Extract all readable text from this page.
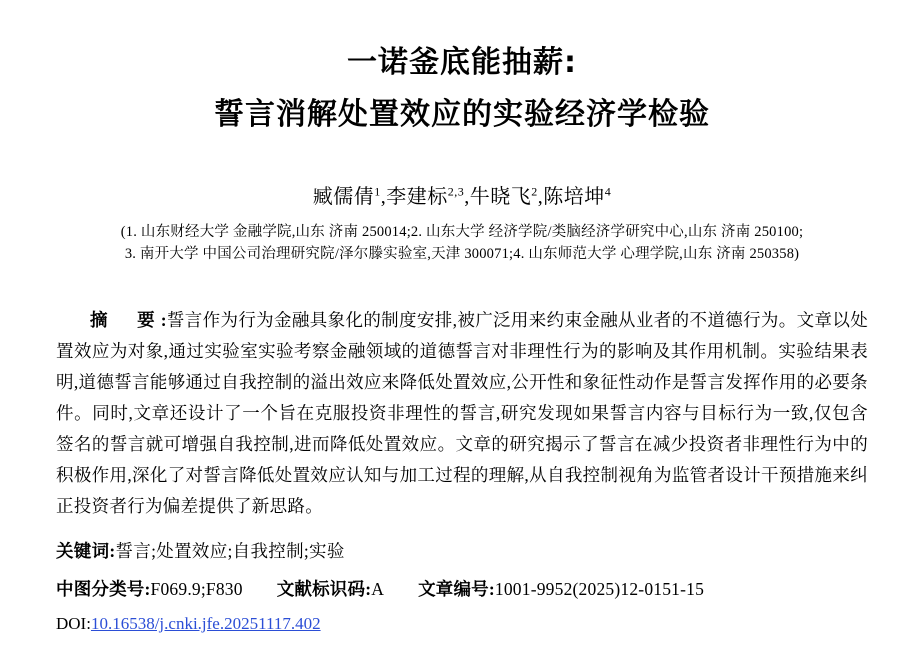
一诺釜底能抽薪:
誓言消解处置效应的实验经济学检验
臧儒倩$^1$,李建标$^{2,3}$,牛晓飞$^2$,陈培坤$^4$
(1. 山东财经大学 金融学院,山东 济南 250014;2. 山东大学 经济学院/类脑经济学研究中心,山东 济南 250100;
3. 南开大学 中国公司治理研究院/泽尔滕实验室,天津 300071;4. 山东师范大学 心理学院,山东 济南 250358)
摘　要:誓言作为行为金融具象化的制度安排,被广泛用来约束金融从业者的不道德行为。文章以处置效应为对象,通过实验室实验考察金融领域的道德誓言对非理性行为的影响及其作用机制。实验结果表明,道德誓言能够通过自我控制的溢出效应来降低处置效应,公开性和象征性动作是誓言发挥作用的必要条件。同时,文章还设计了一个旨在克服投资非理性的誓言,研究发现如果誓言内容与目标行为一致,仅包含签名的誓言就可增强自我控制,进而降低处置效应。文章的研究揭示了誓言在减少投资者非理性行为中的积极作用,深化了对誓言降低处置效应认知与加工过程的理解,从自我控制视角为监管者设计干预措施来纠正投资者行为偏差提供了新思路。
关键词:誓言;处置效应;自我控制;实验
中图分类号:F069.9;F830 文献标识码:A 文章编号:1001-9952(2025)12-0151-15
DOI:10.16538/j.cnki.jfe.20251117.402
